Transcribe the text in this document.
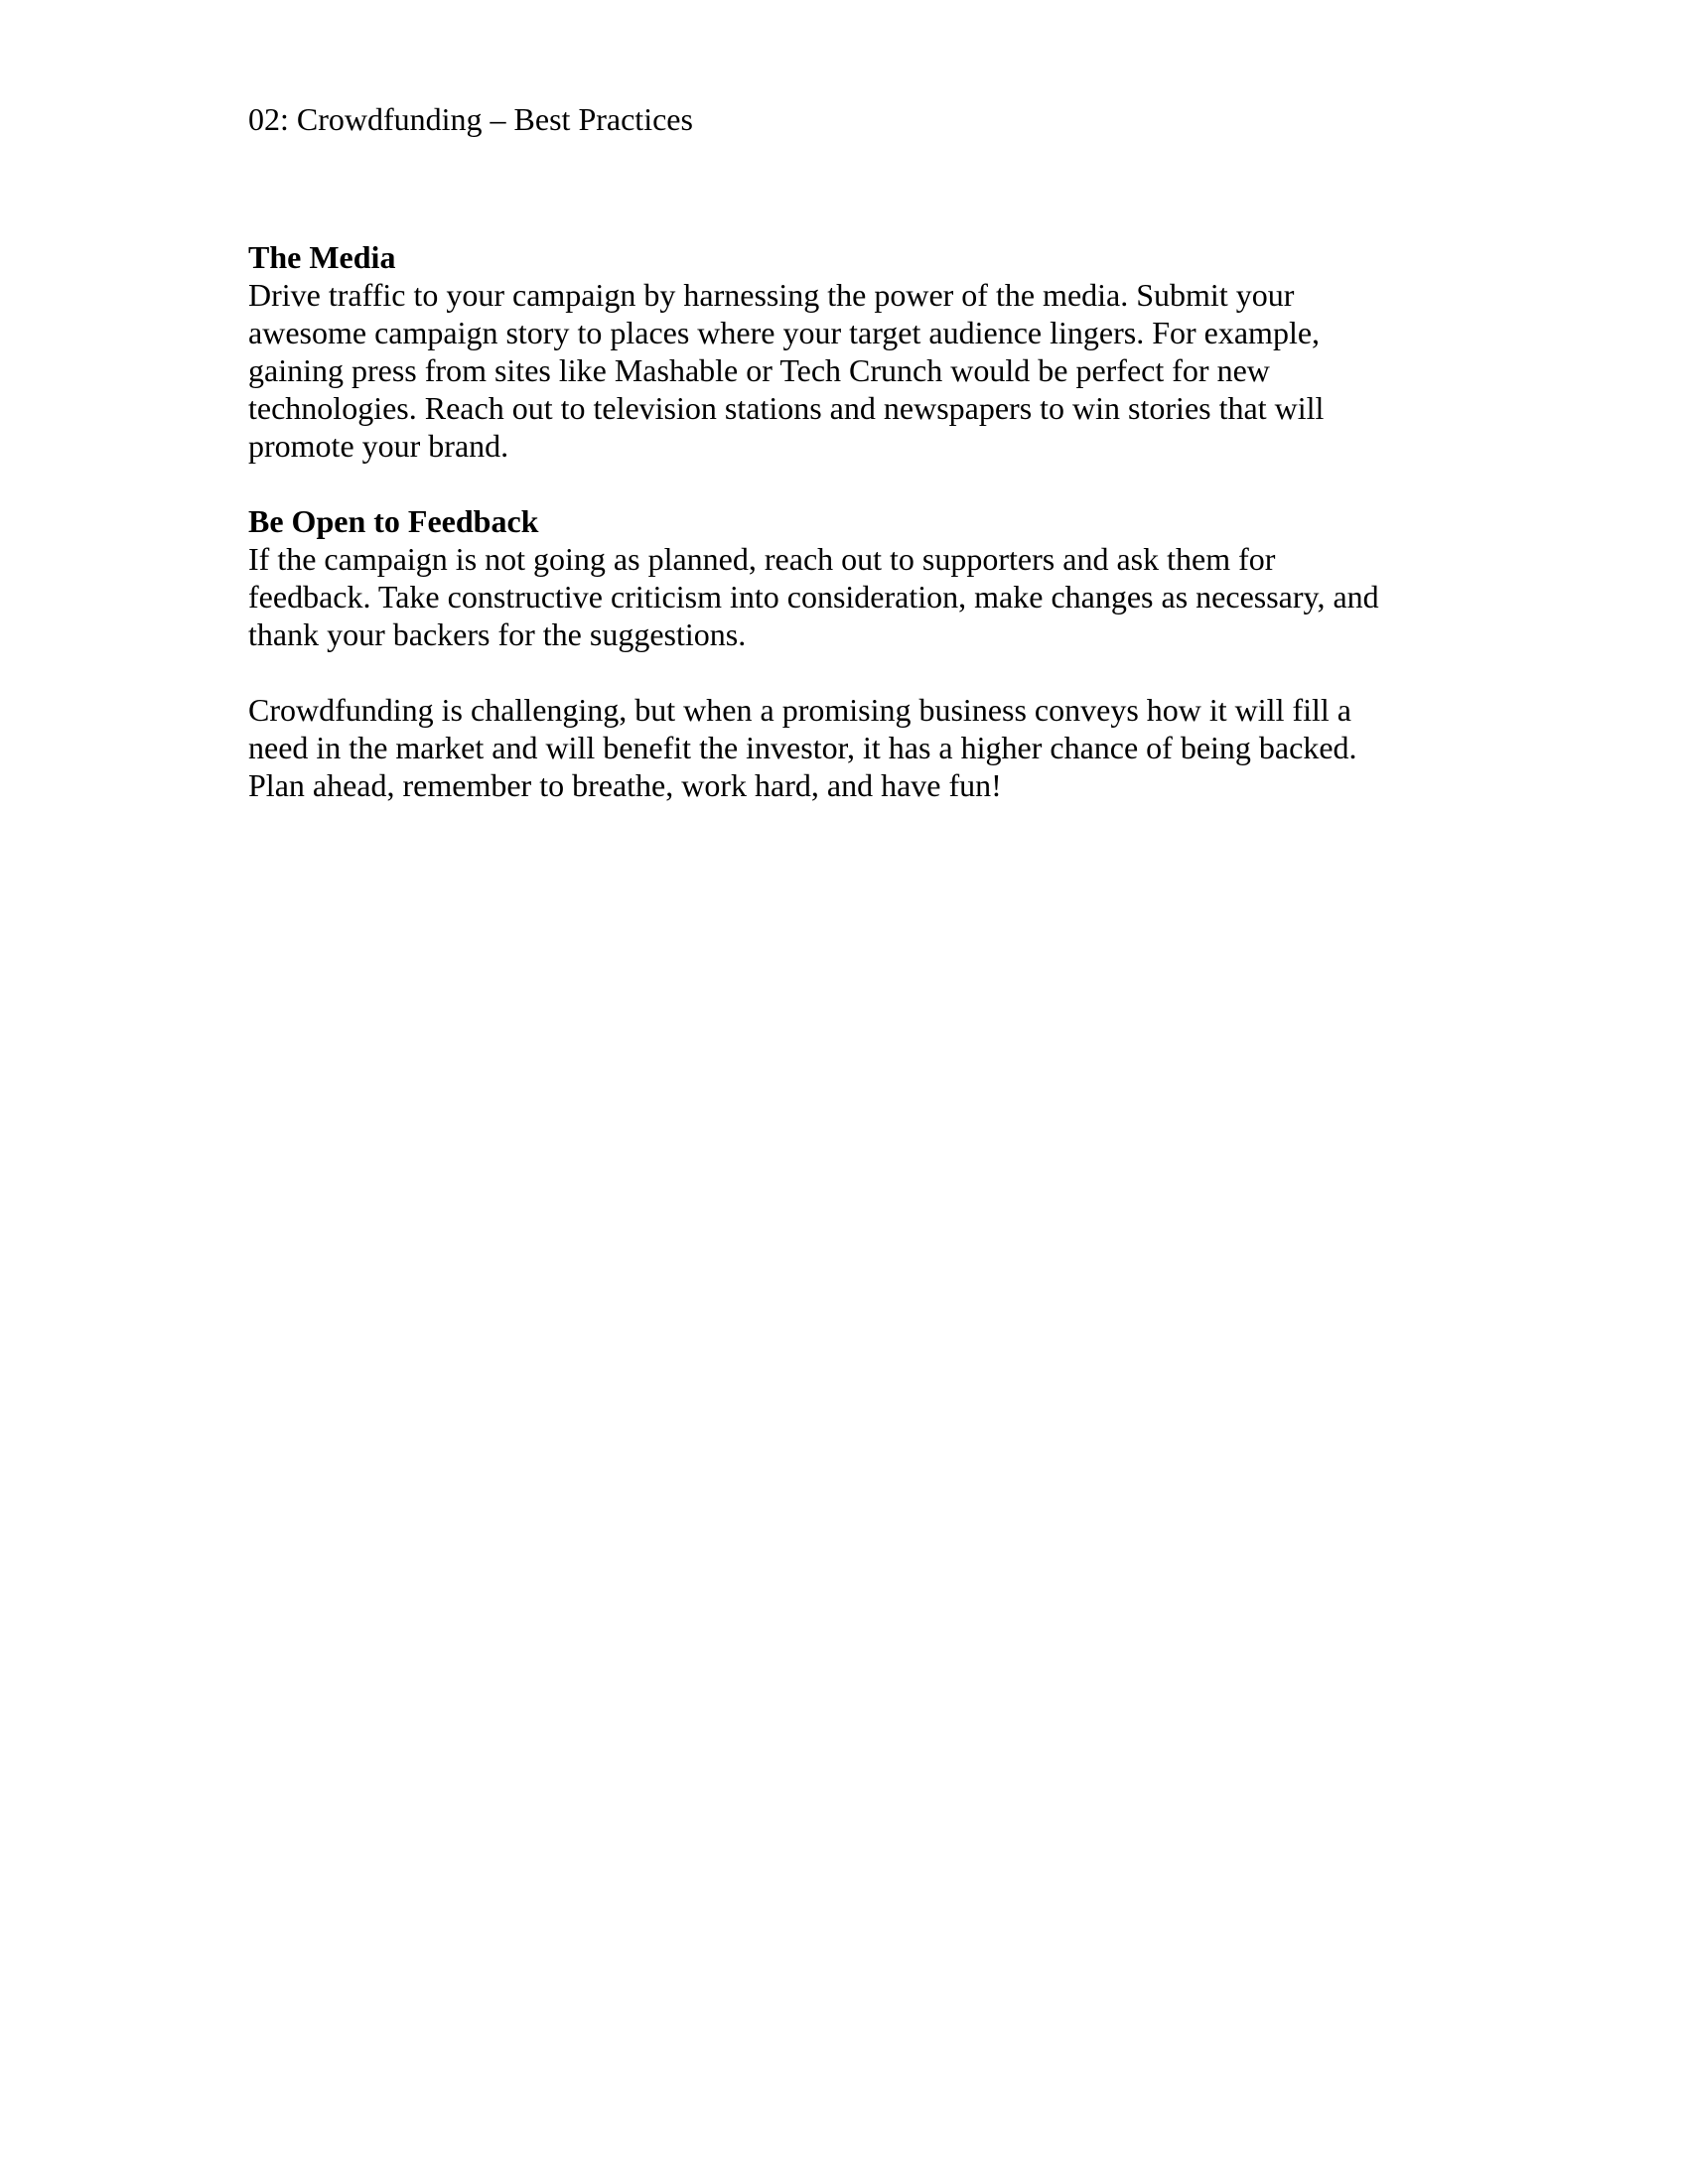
02: Crowdfunding – Best Practices

The Media

Drive traffic to your campaign by harnessing the power of the media. Submit your
awesome campaign story to places where your target audience lingers. For example,
gaining press from sites like Mashable or Tech Crunch would be perfect for new
technologies. Reach out to television stations and newspapers to win stories that will
promote your brand.

Be Open to Feedback

If the campaign is not going as planned, reach out to supporters and ask them for
feedback. Take constructive criticism into consideration, make changes as necessary, and
thank your backers for the suggestions.

Crowdfunding is challenging, but when a promising business conveys how it will fill a
need in the market and will benefit the investor, it has a higher chance of being backed.
Plan ahead, remember to breathe, work hard, and have fun!
